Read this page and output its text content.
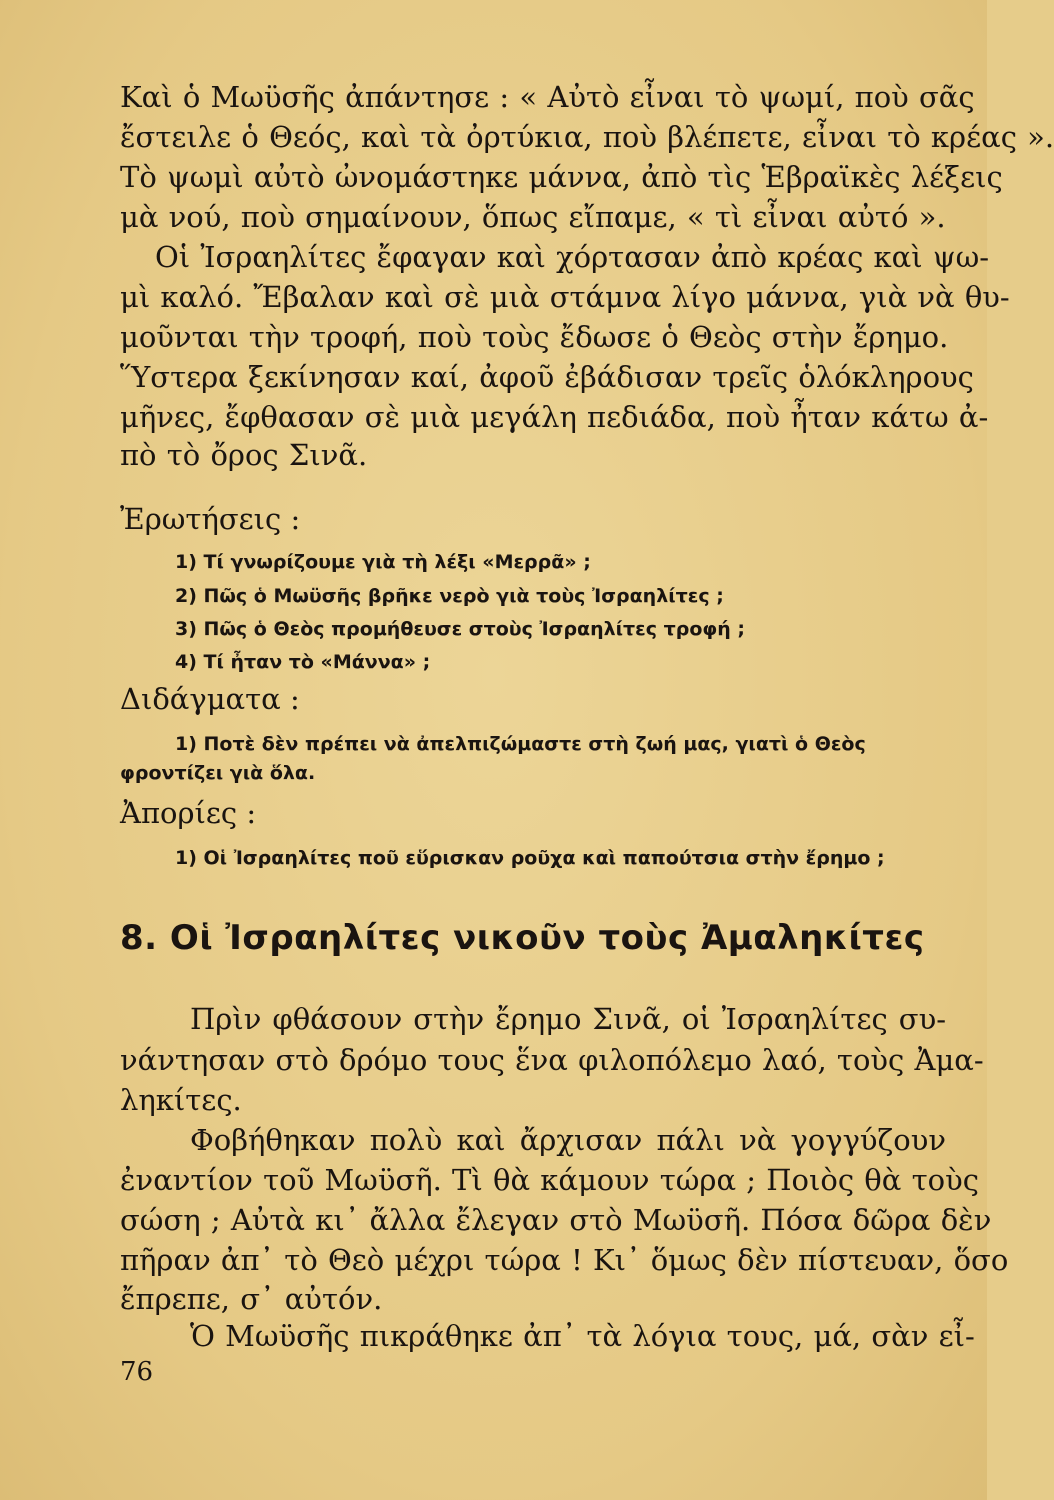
Καὶ ὁ Μωϋσῆς ἀπάντησε : « Αὐτὸ εἶναι τὸ ψωμί, ποὺ σᾶς
ἔστειλε ὁ Θεός, καὶ τὰ ὀρτύκια, ποὺ βλέπετε, εἶναι τὸ κρέας ».
Τὸ ψωμὶ αὐτὸ ὠνομάστηκε μάννα, ἀπὸ τὶς Ἑβραϊκὲς λέξεις
μὰ νού, ποὺ σημαίνουν, ὅπως εἴπαμε, « τὶ εἶναι αὐτό ».
Οἱ Ἰσραηλίτες ἔφαγαν καὶ χόρτασαν ἀπὸ κρέας καὶ ψω-
μὶ καλό. Ἔβαλαν καὶ σὲ μιὰ στάμνα λίγο μάννα, γιὰ νὰ θυ-
μοῦνται τὴν τροφή, ποὺ τοὺς ἔδωσε ὁ Θεὸς στὴν ἔρημο.
Ὕστερα ξεκίνησαν καί, ἀφοῦ ἐβάδισαν τρεῖς ὁλόκληρους
μῆνες, ἔφθασαν σὲ μιὰ μεγάλη πεδιάδα, ποὺ ἦταν κάτω ἀ-
πὸ τὸ ὄρος Σινᾶ.
Ἐρωτήσεις :
1) Τί γνωρίζουμε γιὰ τὴ λέξι «Μερρᾶ» ;
2) Πῶς ὁ Μωϋσῆς βρῆκε νερὸ γιὰ τοὺς Ἰσραηλίτες ;
3) Πῶς ὁ Θεὸς προμήθευσε στοὺς Ἰσραηλίτες τροφή ;
4) Τί ἦταν τὸ «Μάννα» ;
Διδάγματα :
1) Ποτὲ δὲν πρέπει νὰ ἀπελπιζώμαστε στὴ ζωή μας, γιατὶ ὁ Θεὸς
φροντίζει γιὰ ὅλα.
Ἀπορίες :
1) Οἱ Ἰσραηλίτες ποῦ εὕρισκαν ροῦχα καὶ παπούτσια στὴν ἔρημο ;
8. Οἱ Ἰσραηλίτες νικοῦν τοὺς Ἀμαληκίτες
Πρὶν φθάσουν στὴν ἔρημο Σινᾶ, οἱ Ἰσραηλίτες συ-
νάντησαν στὸ δρόμο τους ἕνα φιλοπόλεμο λαό, τοὺς Ἀμα-
ληκίτες.
Φοβήθηκαν πολὺ καὶ ἄρχισαν πάλι νὰ γογγύζουν
ἐναντίον τοῦ Μωϋσῆ. Τὶ θὰ κάμουν τώρα ; Ποιὸς θὰ τοὺς
σώση ; Αὐτὰ κι᾿ ἄλλα ἔλεγαν στὸ Μωϋσῆ. Πόσα δῶρα δὲν
πῆραν ἀπ᾿ τὸ Θεὸ μέχρι τώρα ! Κι᾿ ὅμως δὲν πίστευαν, ὅσο
ἔπρεπε, σ᾿ αὐτόν.
Ὁ Μωϋσῆς πικράθηκε ἀπ᾿ τὰ λόγια τους, μά, σὰν εἶ-
76
